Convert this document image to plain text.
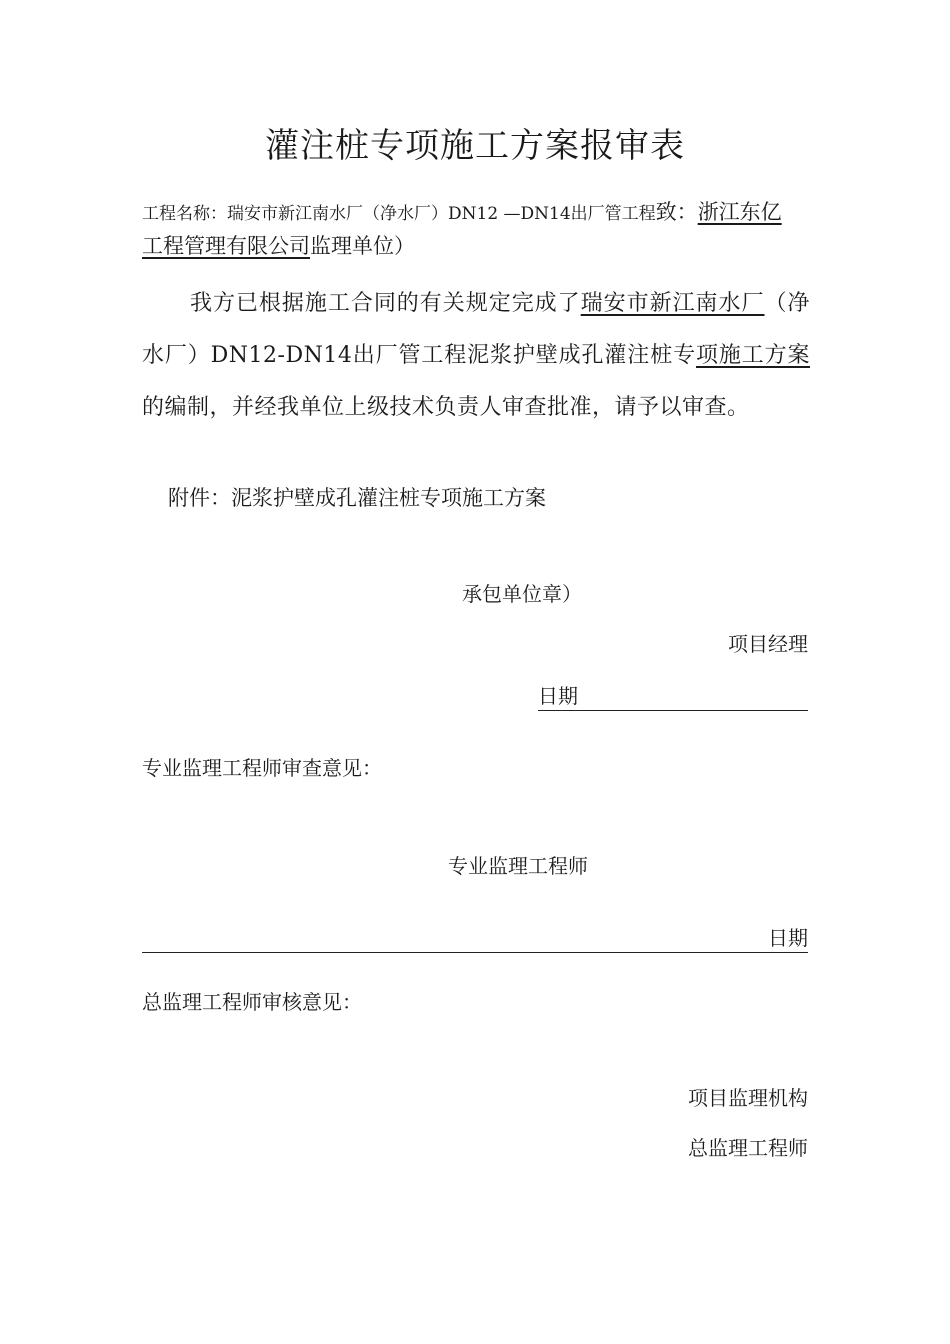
灌注桩专项施工方案报审表
工程名称：瑞安市新江南水厂（净水厂）DN12 —DN14出厂管工程致：浙江东亿
工程管理有限公司监理单位）
我方已根据施工合同的有关规定完成了瑞安市新江南水厂（净水厂）DN12-DN14出厂管工程泥浆护壁成孔灌注桩专项施工方案的编制，并经我单位上级技术负责人审查批准，请予以审查。
附件：泥浆护壁成孔灌注桩专项施工方案
承包单位章）
项目经理
日期
专业监理工程师审查意见：
专业监理工程师
日期
总监理工程师审核意见：
项目监理机构
总监理工程师
